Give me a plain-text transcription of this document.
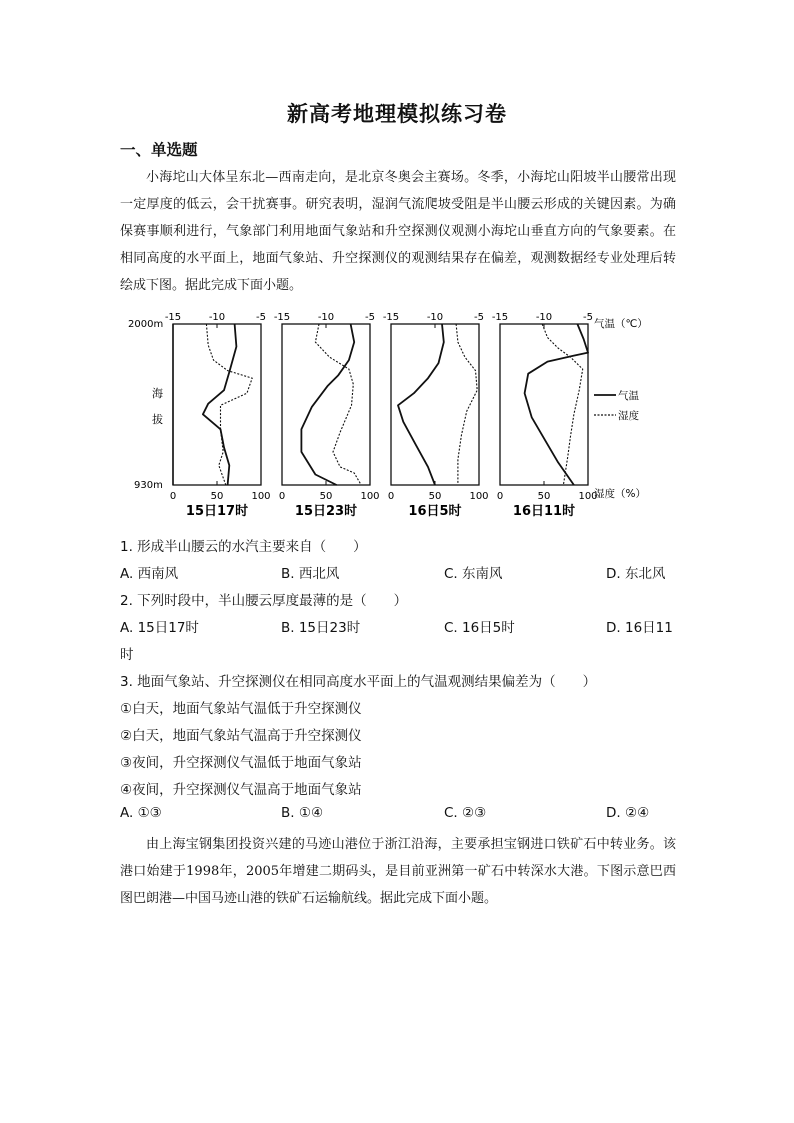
新高考地理模拟练习卷
一、单选题

小海坨山大体呈东北—西南走向，是北京冬奥会主赛场。冬季，小海坨山阳坡半山腰常出现一定厚度的低云，会干扰赛事。研究表明，湿润气流爬坡受阻是半山腰云形成的关键因素。为确保赛事顺利进行，气象部门利用地面气象站和升空探测仪观测小海坨山垂直方向的气象要素。在相同高度的水平面上，地面气象站、升空探测仪的观测结果存在偏差，观测数据经专业处理后转绘成下图。据此完成下面小题。

2000m
930m
海
拔
-15	-10	-5
0	50	100
15日17时
-15	-10	-5
0	50	100
15日23时
-15	-10	-5
0	50	100
16日5时
-15	-10	-5
0	50	100
16日11时
气温（℃）
湿度（%）
气温
湿度
1. 形成半山腰云的水汽主要来自（　　）
A. 西南风	B. 西北风	C. 东南风	D. 东北风
2. 下列时段中，半山腰云厚度最薄的是（　　）
A. 15日17时	B. 15日23时	C. 16日5时	D. 16日11
时
3. 地面气象站、升空探测仪在相同高度水平面上的气温观测结果偏差为（　　）
①白天，地面气象站气温低于升空探测仪
②白天，地面气象站气温高于升空探测仪
③夜间，升空探测仪气温低于地面气象站
④夜间，升空探测仪气温高于地面气象站
A. ①③	B. ①④	C. ②③	D. ②④

由上海宝钢集团投资兴建的马迹山港位于浙江沿海，主要承担宝钢进口铁矿石中转业务。该港口始建于1998年，2005年增建二期码头，是目前亚洲第一矿石中转深水大港。下图示意巴西图巴朗港—中国马迹山港的铁矿石运输航线。据此完成下面小题。
